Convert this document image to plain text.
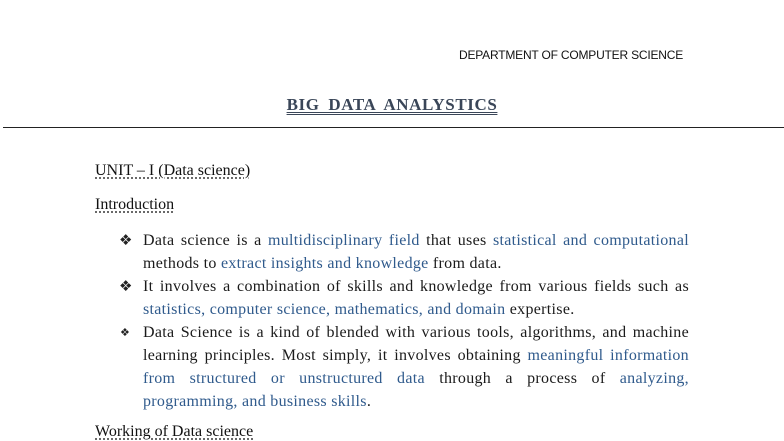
DEPARTMENT OF COMPUTER SCIENCE
BIG DATA ANALYSTICS
UNIT – I (Data science)
Introduction
❖ Data science is a multidisciplinary field that uses statistical and computational methods to extract insights and knowledge from data.
❖ It involves a combination of skills and knowledge from various fields such as statistics, computer science, mathematics, and domain expertise.
❖ Data Science is a kind of blended with various tools, algorithms, and machine learning principles. Most simply, it involves obtaining meaningful information from structured or unstructured data through a process of analyzing, programming, and business skills.
Working of Data science
